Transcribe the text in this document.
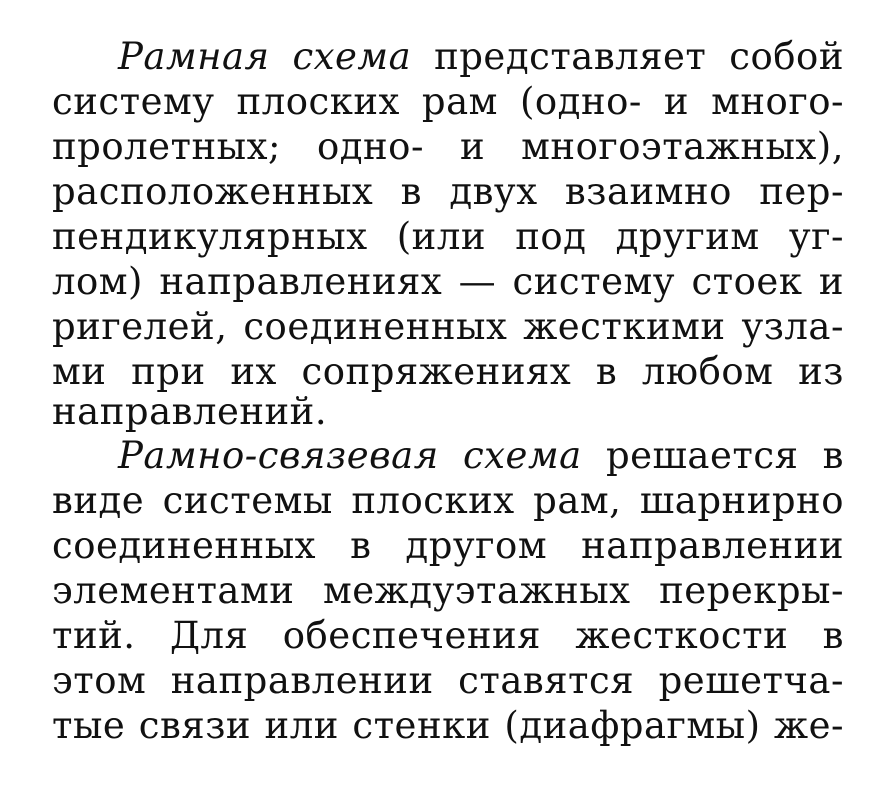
Рамная схема представляет собой
систему плоских рам (одно- и много-
пролетных; одно- и многоэтажных),
расположенных в двух взаимно пер-
пендикулярных (или под другим уг-
лом) направлениях — систему стоек и
ригелей, соединенных жесткими узла-
ми при их сопряжениях в любом из
направлений.
Рамно-связевая схема решается в
виде системы плоских рам, шарнирно
соединенных в другом направлении
элементами междуэтажных перекры-
тий. Для обеспечения жесткости в
этом направлении ставятся решетча-
тые связи или стенки (диафрагмы) же-
